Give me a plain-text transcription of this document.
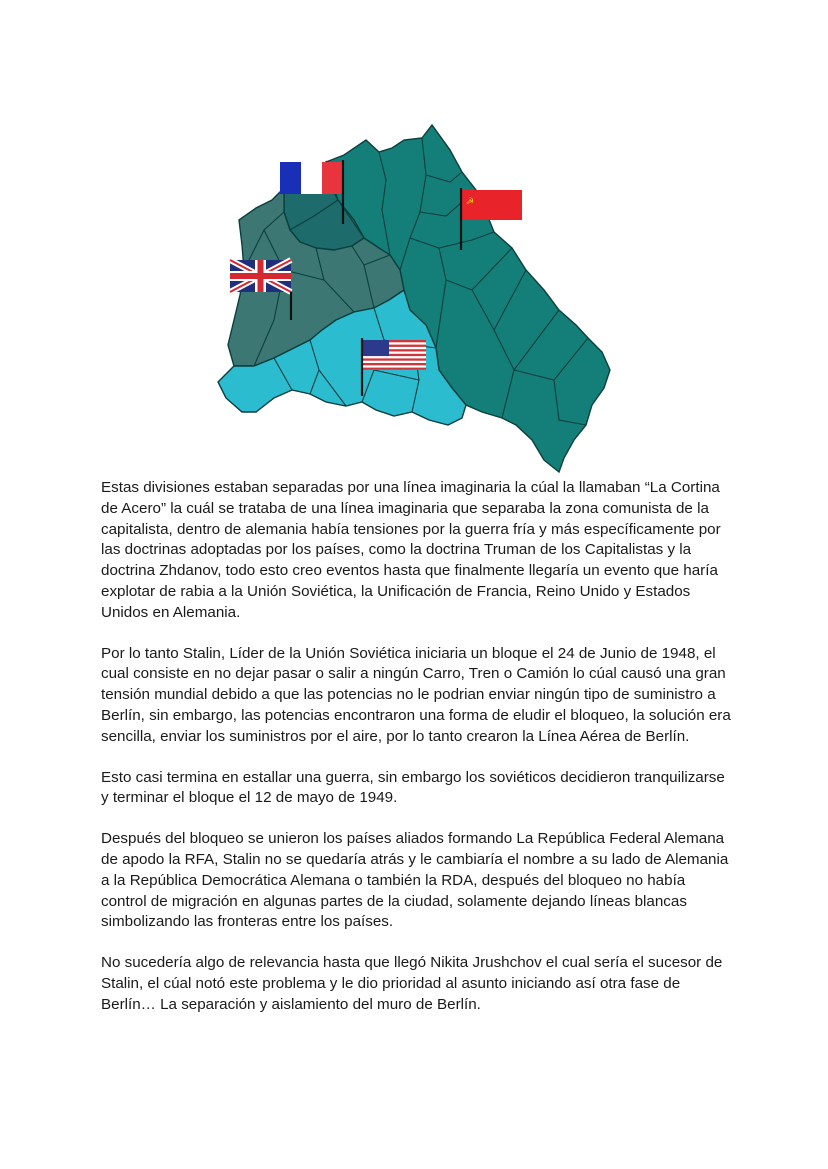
☭

Estas divisiones estaban separadas por una línea imaginaria la cúal la llamaban “La Cortina de Acero” la cuál se trataba de una línea imaginaria que separaba la zona comunista de la capitalista, dentro de alemania había tensiones por la guerra fría y más específicamente por las doctrinas adoptadas por los países, como la doctrina Truman de los Capitalistas y la doctrina Zhdanov, todo esto creo eventos hasta que finalmente llegaría un evento que haría explotar de rabia a la Unión Soviética, la Unificación de Francia, Reino Unido y Estados Unidos en Alemania.

Por lo tanto Stalin, Líder de la Unión Soviética iniciaria un bloque el 24 de Junio de 1948, el cual consiste en no dejar pasar o salir a ningún Carro, Tren o Camión lo cúal causó una gran tensión mundial debido a que las potencias no le podrian enviar ningún tipo de suministro a Berlín, sin embargo, las potencias encontraron una forma de eludir el bloqueo, la solución era sencilla, enviar los suministros por el aire, por lo tanto crearon la Línea Aérea de Berlín.

Esto casi termina en estallar una guerra, sin embargo los soviéticos decidieron tranquilizarse y terminar el bloque el 12 de mayo de 1949.

Después del bloqueo se unieron los países aliados formando La República Federal Alemana de apodo la RFA, Stalin no se quedaría atrás y le cambiaría el nombre a su lado de Alemania a la República Democrática Alemana o también la RDA, después del bloqueo no había control de migración en algunas partes de la ciudad, solamente dejando líneas blancas simbolizando las fronteras entre los países.

No sucedería algo de relevancia hasta que llegó Nikita Jrushchov el cual sería el sucesor de Stalin, el cúal notó este problema y le dio prioridad al asunto iniciando así otra fase de Berlín… La separación y aislamiento del muro de Berlín.
